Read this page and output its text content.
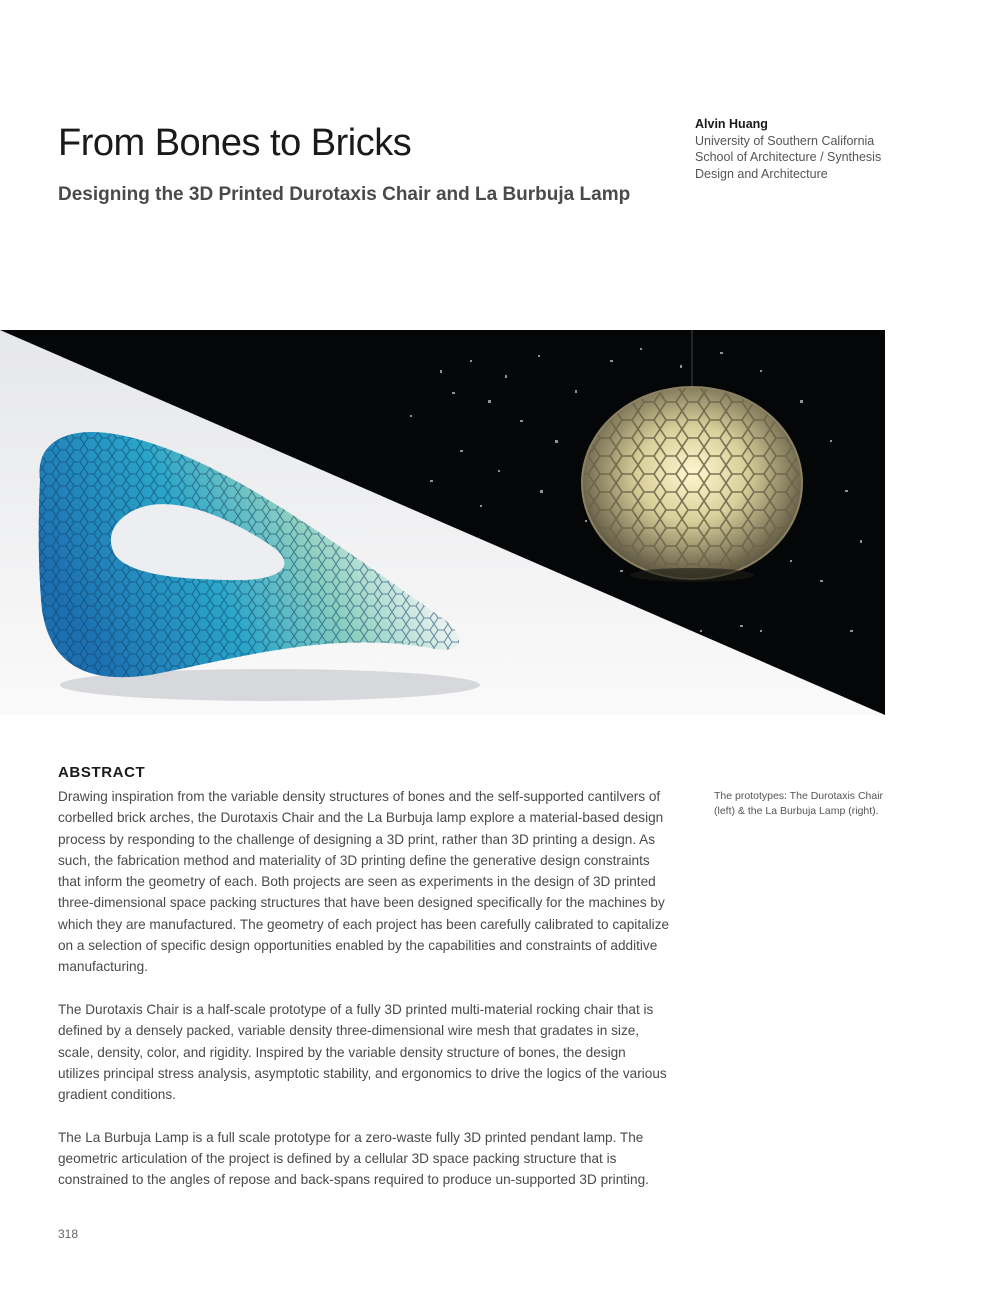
From Bones to Bricks
Designing the 3D Printed Durotaxis Chair and La Burbuja Lamp
Alvin Huang
University of Southern California School of Architecture / Synthesis Design and Architecture
The prototypes: The Durotaxis Chair (left) & the La Burbuja Lamp (right).
ABSTRACT

Drawing inspiration from the variable density structures of bones and the self-supported cantilvers of corbelled brick arches, the Durotaxis Chair and the La Burbuja lamp explore a material-based design process by responding to the challenge of designing a 3D print, rather than 3D printing a design. As such, the fabrication method and materiality of 3D printing define the generative design constraints that inform the geometry of each. Both projects are seen as experiments in the design of 3D printed three-dimensional space packing structures that have been designed specifically for the machines by which they are manufactured. The geometry of each project has been carefully calibrated to capitalize on a selection of specific design opportunities enabled by the capabilities and constraints of additive manufacturing.

The Durotaxis Chair is a half-scale prototype of a fully 3D printed multi-material rocking chair that is defined by a densely packed, variable density three-dimensional wire mesh that gradates in size, scale, density, color, and rigidity. Inspired by the variable density structure of bones, the design utilizes principal stress analysis, asymptotic stability, and ergonomics to drive the logics of the various gradient conditions.

The La Burbuja Lamp is a full scale prototype for a zero-waste fully 3D printed pendant lamp. The geometric articulation of the project is defined by a cellular 3D space packing structure that is constrained to the angles of repose and back-spans required to produce un-supported 3D printing.

318
